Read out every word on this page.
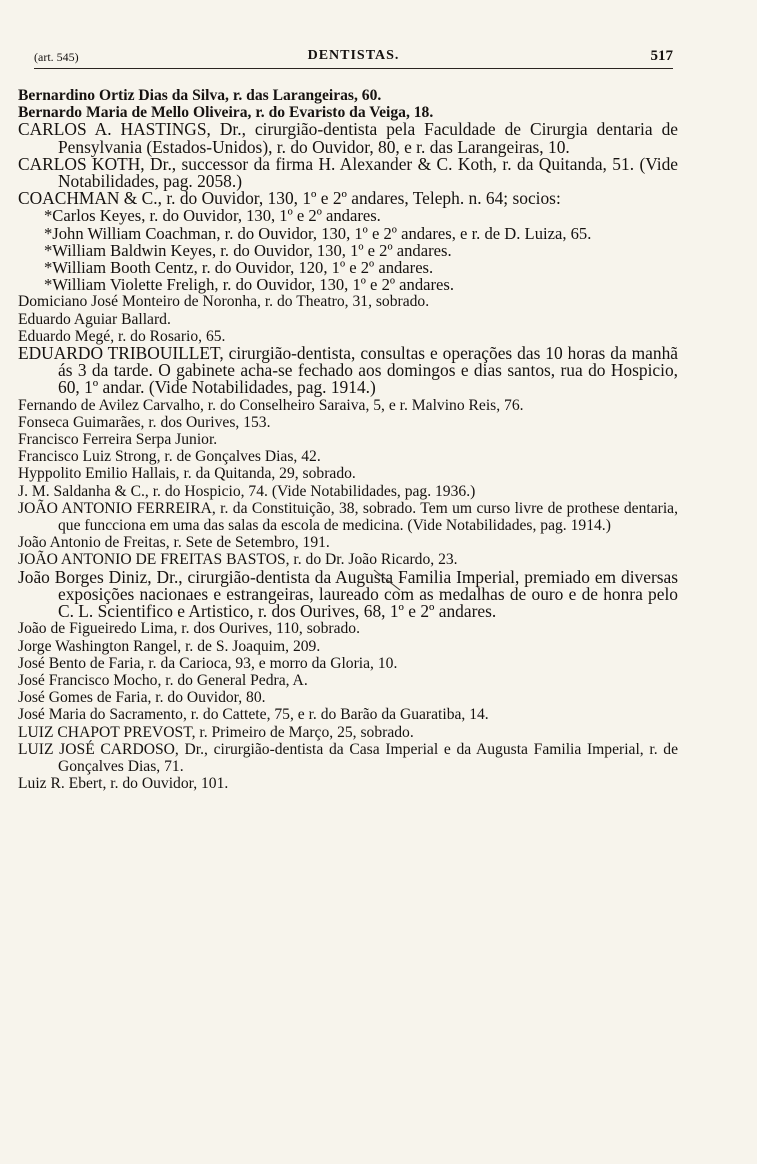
(art. 545)	DENTISTAS.	517

Bernardino Ortiz Dias da Silva, r. das Larangeiras, 60.

Bernardo Maria de Mello Oliveira, r. do Evaristo da Veiga, 18.

CARLOS A. HASTINGS, Dr., cirurgião-dentista pela Faculdade de Cirurgia dentaria de Pensylvania (Estados-Unidos), r. do Ouvidor, 80, e r. das Larangeiras, 10.

CARLOS KOTH, Dr., successor da firma H. Alexander & C. Koth, r. da Quitanda, 51. (Vide Notabilidades, pag. 2058.)

COACHMAN & C., r. do Ouvidor, 130, 1º e 2º andares, Teleph. n. 64; socios:

*Carlos Keyes, r. do Ouvidor, 130, 1º e 2º andares.

*John William Coachman, r. do Ouvidor, 130, 1º e 2º andares, e r. de D. Luiza, 65.

*William Baldwin Keyes, r. do Ouvidor, 130, 1º e 2º andares.

*William Booth Centz, r. do Ouvidor, 120, 1º e 2º andares.

*William Violette Freligh, r. do Ouvidor, 130, 1º e 2º andares.

Domiciano José Monteiro de Noronha, r. do Theatro, 31, sobrado.

Eduardo Aguiar Ballard.

Eduardo Megé, r. do Rosario, 65.

EDUARDO TRIBOUILLET, cirurgião-dentista, consultas e operações das 10 horas da manhã ás 3 da tarde. O gabinete acha-se fechado aos domingos e dias santos, rua do Hospicio, 60, 1º andar. (Vide Notabilidades, pag. 1914.)

Fernando de Avilez Carvalho, r. do Conselheiro Saraiva, 5, e r. Malvino Reis, 76.

Fonseca Guimarães, r. dos Ourives, 153.

Francisco Ferreira Serpa Junior.

Francisco Luiz Strong, r. de Gonçalves Dias, 42.

Hyppolito Emilio Hallais, r. da Quitanda, 29, sobrado.

J. M. Saldanha & C., r. do Hospicio, 74. (Vide Notabilidades, pag. 1936.)

JOÃO ANTONIO FERREIRA, r. da Constituição, 38, sobrado. Tem um curso livre de prothese dentaria, que funcciona em uma das salas da escola de medicina. (Vide Notabilidades, pag. 1914.)

João Antonio de Freitas, r. Sete de Setembro, 191.

JOÃO ANTONIO DE FREITAS BASTOS, r. do Dr. João Ricardo, 23.

João Borges Diniz, Dr., cirurgião-dentista da Augusta Familia Imperial, premiado em diversas exposições nacionaes e estrangeiras, laureado com as medalhas de ouro e de honra pelo C. L. Scientifico e Artistico, r. dos Ourives, 68, 1º e 2º andares.

João de Figueiredo Lima, r. dos Ourives, 110, sobrado.

Jorge Washington Rangel, r. de S. Joaquim, 209.

José Bento de Faria, r. da Carioca, 93, e morro da Gloria, 10.

José Francisco Mocho, r. do General Pedra, A.

José Gomes de Faria, r. do Ouvidor, 80.

José Maria do Sacramento, r. do Cattete, 75, e r. do Barão da Guaratiba, 14.

LUIZ CHAPOT PREVOST, r. Primeiro de Março, 25, sobrado.

LUIZ JOSÉ CARDOSO, Dr., cirurgião-dentista da Casa Imperial e da Augusta Familia Imperial, r. de Gonçalves Dias, 71.

Luiz R. Ebert, r. do Ouvidor, 101.
